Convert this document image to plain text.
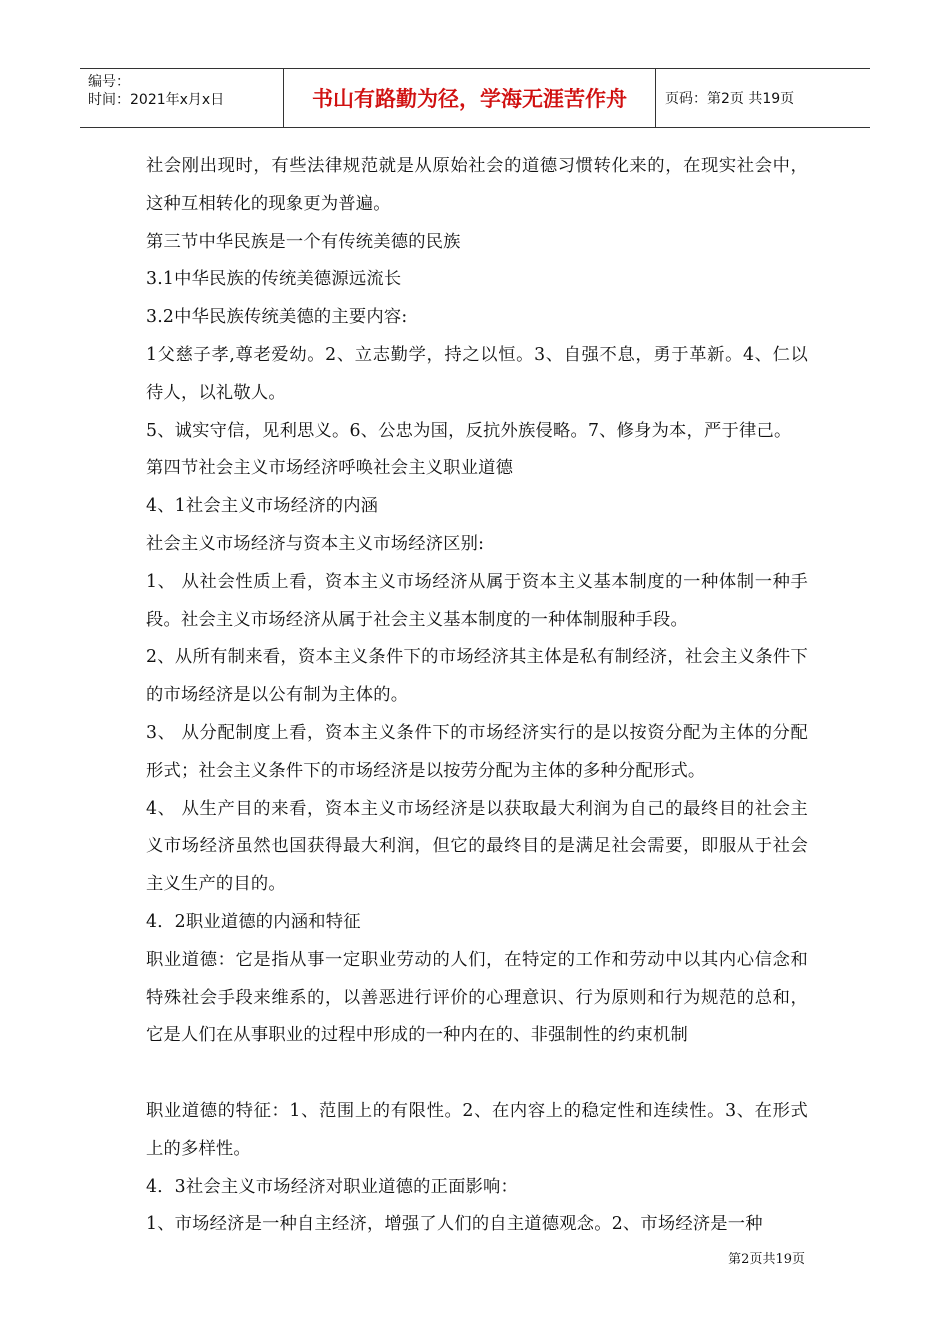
编号：
时间：2021年x月x日	书山有路勤为径，学海无涯苦作舟	页码：第2页 共19页

社会刚出现时，有些法律规范就是从原始社会的道德习惯转化来的，在现实社会中，这种互相转化的现象更为普遍。

第三节中华民族是一个有传统美德的民族

3.1中华民族的传统美德源远流长

3.2中华民族传统美德的主要内容:

1父慈子孝,尊老爱幼。2、立志勤学，持之以恒。3、自强不息，勇于革新。4、仁以待人，以礼敬人。

5、诚实守信，见利思义。6、公忠为国，反抗外族侵略。7、修身为本，严于律己。

第四节社会主义市场经济呼唤社会主义职业道德

4、1社会主义市场经济的内涵

社会主义市场经济与资本主义市场经济区别:

1、 从社会性质上看，资本主义市场经济从属于资本主义基本制度的一种体制一种手段。社会主义市场经济从属于社会主义基本制度的一种体制服种手段。

2、从所有制来看，资本主义条件下的市场经济其主体是私有制经济，社会主义条件下的市场经济是以公有制为主体的。

3、 从分配制度上看，资本主义条件下的市场经济实行的是以按资分配为主体的分配形式；社会主义条件下的市场经济是以按劳分配为主体的多种分配形式。

4、 从生产目的来看，资本主义市场经济是以获取最大利润为自己的最终目的社会主义市场经济虽然也国获得最大利润，但它的最终目的是满足社会需要，即服从于社会主义生产的目的。

4．2职业道德的内涵和特征

职业道德：它是指从事一定职业劳动的人们，在特定的工作和劳动中以其内心信念和特殊社会手段来维系的，以善恶进行评价的心理意识、行为原则和行为规范的总和，它是人们在从事职业的过程中形成的一种内在的、非强制性的约束机制

职业道德的特征：1、范围上的有限性。2、在内容上的稳定性和连续性。3、在形式上的多样性。

4．3社会主义市场经济对职业道德的正面影响：

1、市场经济是一种自主经济，增强了人们的自主道德观念。2、市场经济是一种

第2页共19页
